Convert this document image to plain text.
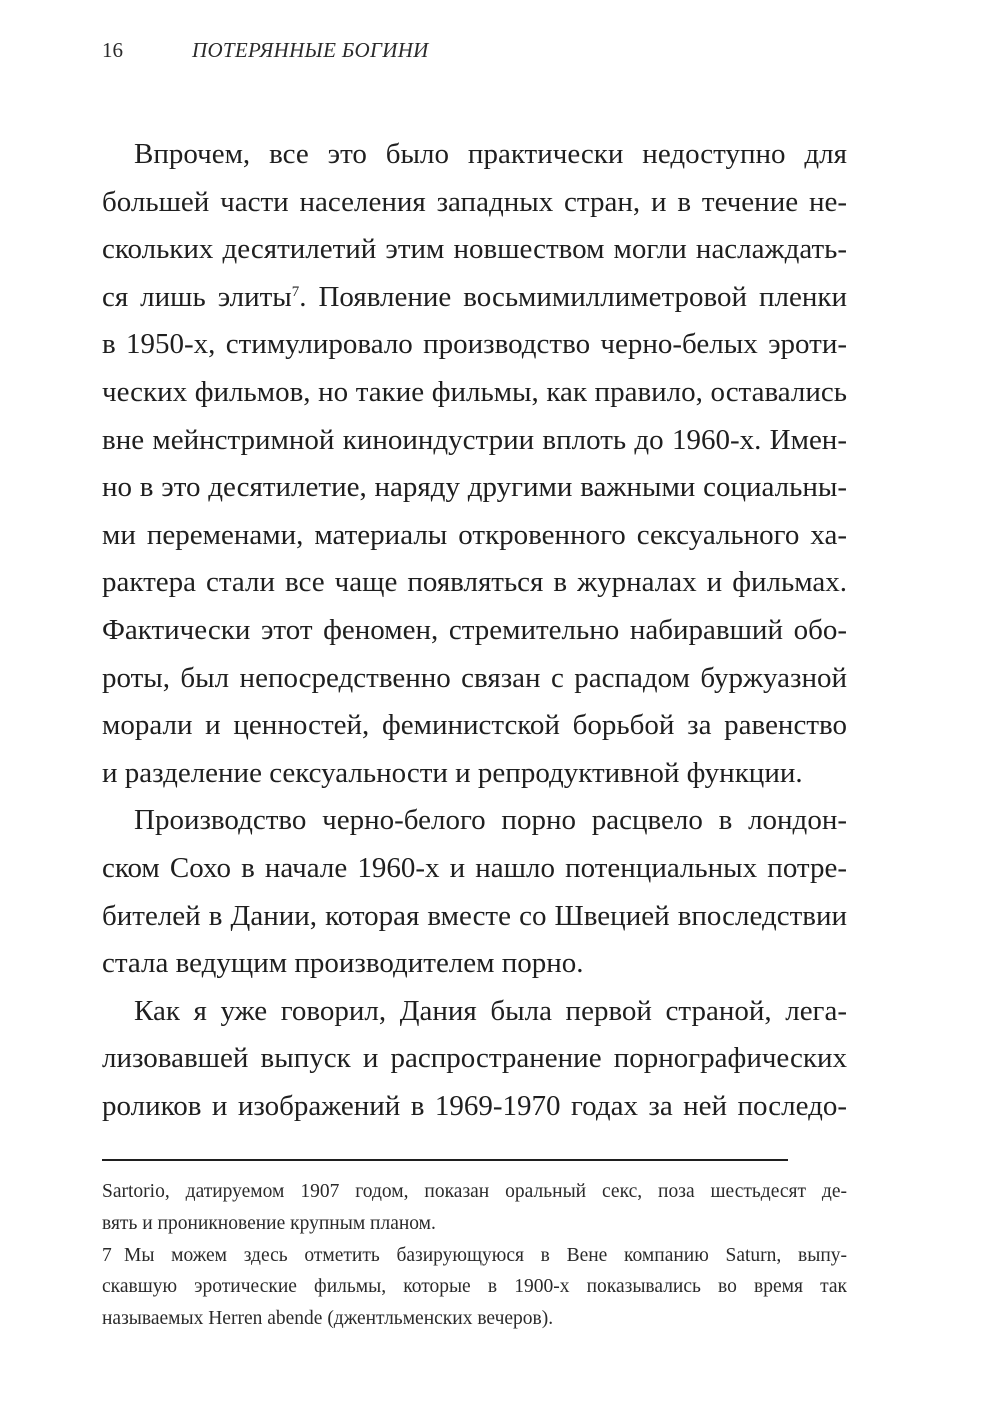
16	ПОТЕРЯННЫЕ БОГИНИ
Впрочем, все это было практически недоступно для
большей части населения западных стран, и в течение не-
скольких десятилетий этим новшеством могли наслаждать-
ся лишь элиты$^7$. Появление восьмимиллиметровой пленки
в 1950-х, стимулировало производство черно-белых эроти-
ческих фильмов, но такие фильмы, как правило, оставались
вне мейнстримной киноиндустрии вплоть до 1960-х. Имен-
но в это десятилетие, наряду другими важными социальны-
ми переменами, материалы откровенного сексуального ха-
рактера стали все чаще появляться в журналах и фильмах.
Фактически этот феномен, стремительно набиравший обо-
роты, был непосредственно связан с распадом буржуазной
морали и ценностей, феминистской борьбой за равенство
и разделение сексуальности и репродуктивной функции.
Производство черно-белого порно расцвело в лондон-
ском Сохо в начале 1960-х и нашло потенциальных потре-
бителей в Дании, которая вместе со Швецией впоследствии
стала ведущим производителем порно.
Как я уже говорил, Дания была первой страной, лега-
лизовавшей выпуск и распространение порнографических
роликов и изображений в 1969-1970 годах за ней последо-
Sartorio, датируемом 1907 годом, показан оральный секс, поза шестьдесят де-
вять и проникновение крупным планом.
7 Мы можем здесь отметить базирующуюся в Вене компанию Saturn, выпу-
скавшую эротические фильмы, которые в 1900-х показывались во время так
называемых Herren abende (джентльменских вечеров).
